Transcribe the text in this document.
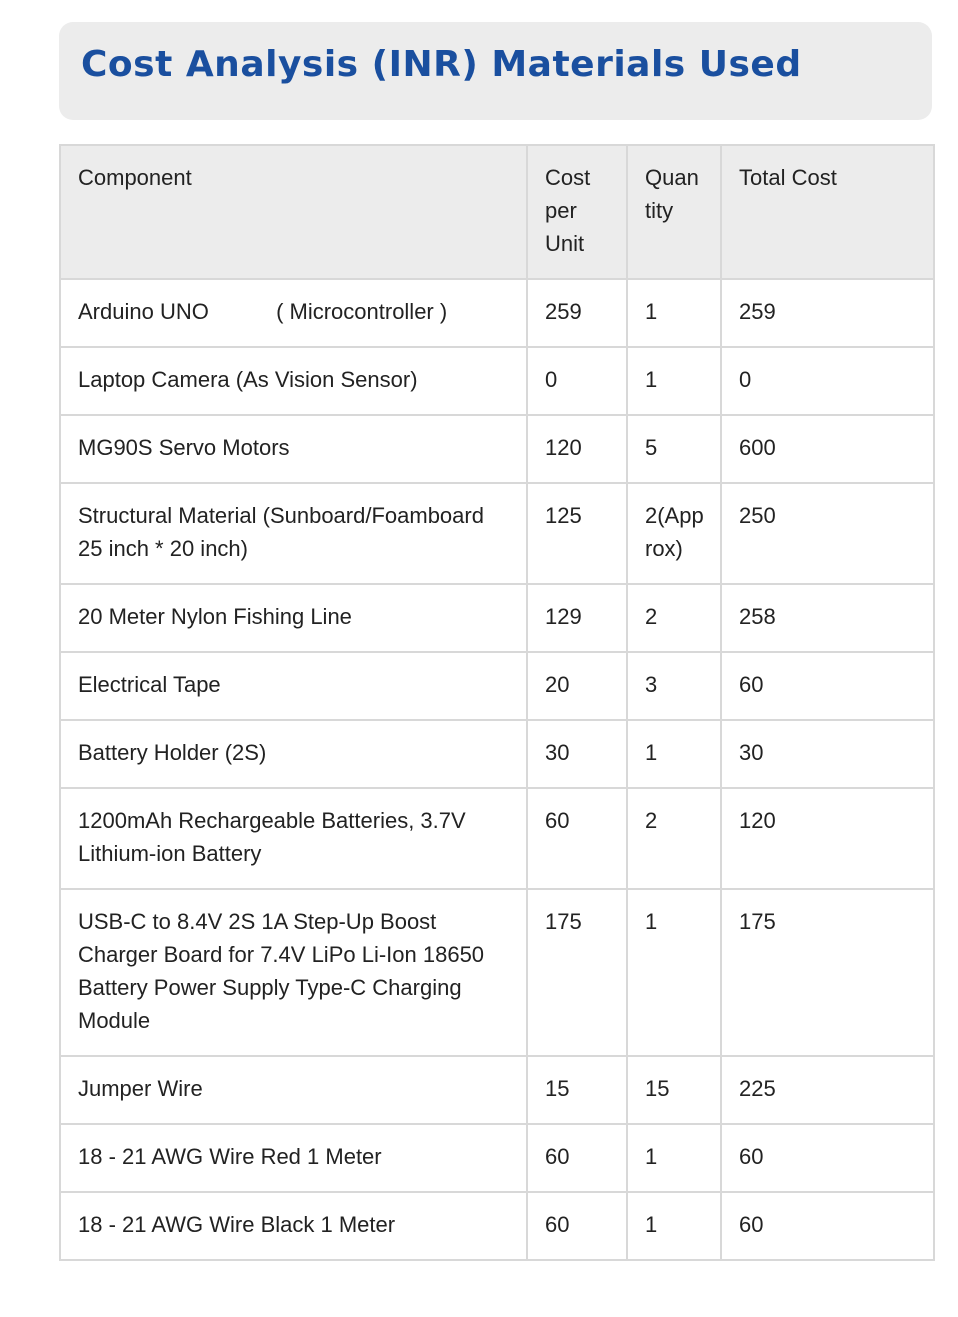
Cost Analysis (INR) Materials Used
Component	Cost per Unit	Quan tity	Total Cost
Arduino UNO           ( Microcontroller )	259	1	259
Laptop Camera (As Vision Sensor)	0	1	0
MG90S Servo Motors	120	5	600
Structural Material (Sunboard/Foamboard 25 inch * 20 inch)	125	2(Approx)	250
20 Meter Nylon Fishing Line	129	2	258
Electrical Tape	20	3	60
Battery Holder (2S)	30	1	30
1200mAh Rechargeable Batteries, 3.7V Lithium-ion Battery	60	2	120
USB-C to 8.4V 2S 1A Step-Up Boost Charger Board for 7.4V LiPo Li-Ion 18650 Battery Power Supply Type-C Charging Module	175	1	175
Jumper Wire	15	15	225
18 - 21 AWG Wire Red 1 Meter	60	1	60
18 - 21 AWG Wire Black 1 Meter	60	1	60
